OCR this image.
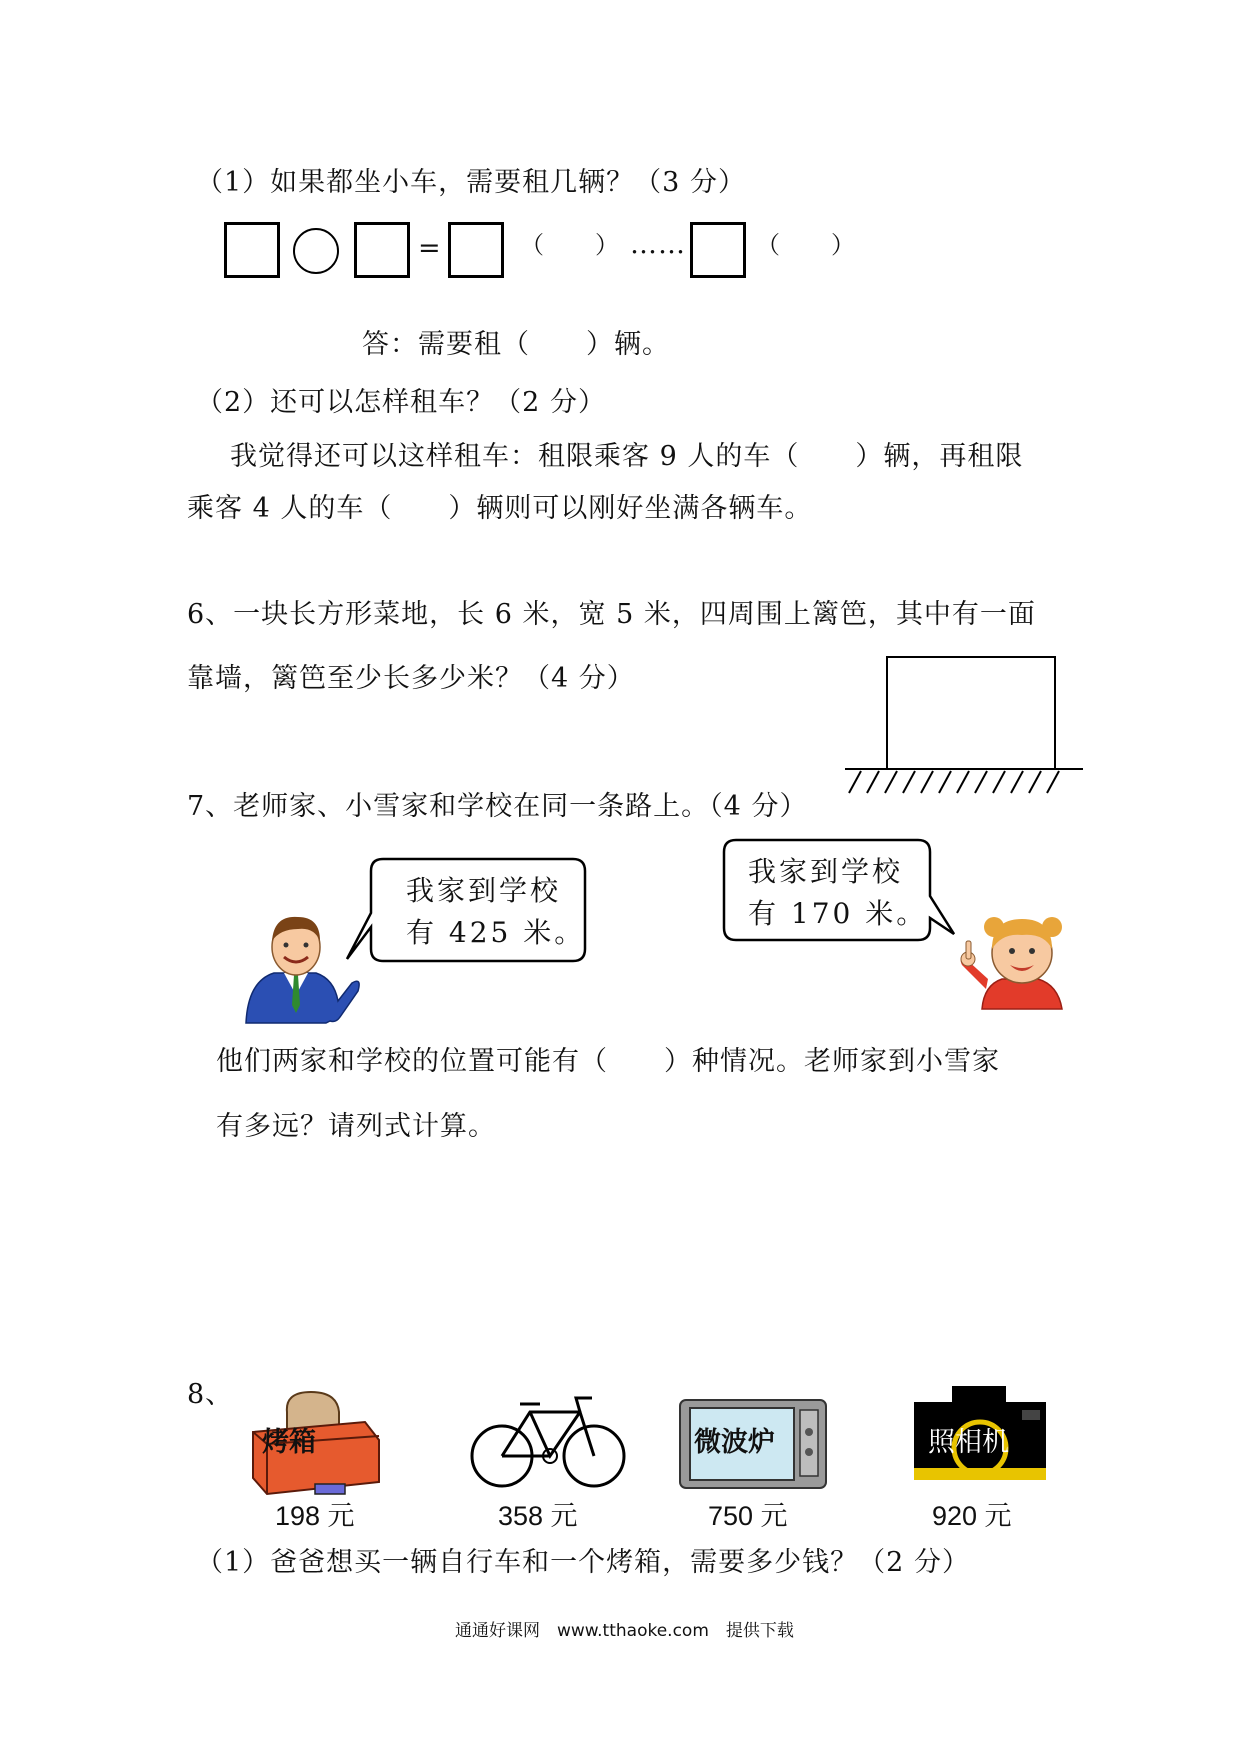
（1）如果都坐小车，需要租几辆？（3 分）
=	（　　） ……	（　　）
答：需要租（　　）辆。
（2）还可以怎样租车？（2 分）
我觉得还可以这样租车：租限乘客 9 人的车（　　）辆，再租限
乘客 4 人的车（　　）辆则可以刚好坐满各辆车。
6、一块长方形菜地，长 6 米，宽 5 米，四周围上篱笆，其中有一面
靠墙，篱笆至少长多少米？（4 分）
7、老师家、小雪家和学校在同一条路上。（4 分）
我家到学校
有 425 米。
我家到学校
有 170 米。
他们两家和学校的位置可能有（　　）种情况。老师家到小雪家
有多远？请列式计算。
8、
烤箱
198 元	358 元
微波炉
750 元
照相机
920 元
（1）爸爸想买一辆自行车和一个烤箱，需要多少钱？（2 分）
通通好课网　www.tthaoke.com　提供下载
